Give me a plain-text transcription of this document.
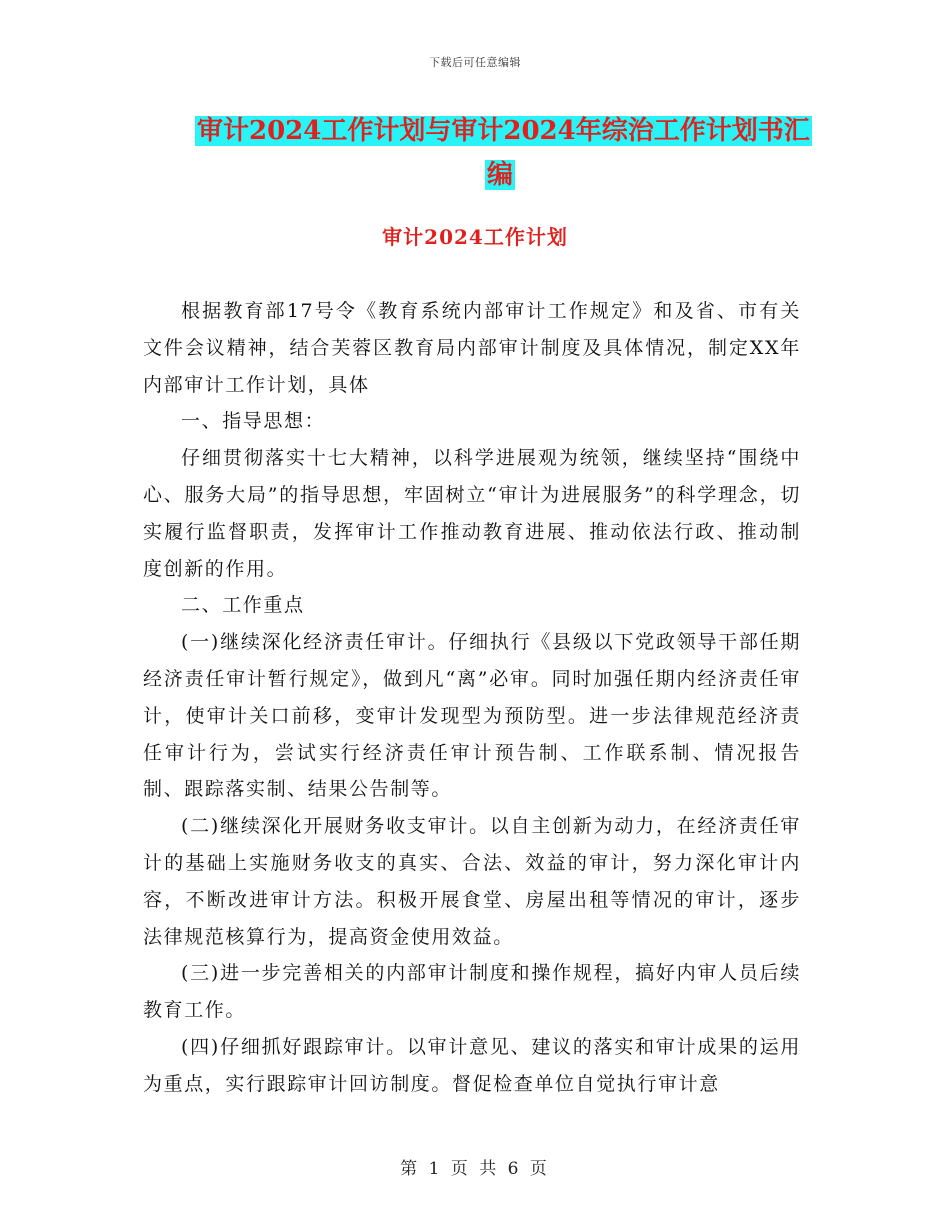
下载后可任意编辑
审计2024工作计划与审计2024年综治工作计划书汇
编
审计2024工作计划

根据教育部17号令《教育系统内部审计工作规定》和及省、市有关文件会议精神，结合芙蓉区教育局内部审计制度及具体情况，制定XX年内部审计工作计划，具体

一、指导思想：

仔细贯彻落实十七大精神，以科学进展观为统领，继续坚持“围绕中心、服务大局”的指导思想，牢固树立“审计为进展服务”的科学理念，切实履行监督职责，发挥审计工作推动教育进展、推动依法行政、推动制度创新的作用。

二、工作重点

(一)继续深化经济责任审计。仔细执行《县级以下党政领导干部任期经济责任审计暂行规定》，做到凡“离”必审。同时加强任期内经济责任审计，使审计关口前移，变审计发现型为预防型。进一步法律规范经济责任审计行为，尝试实行经济责任审计预告制、工作联系制、情况报告制、跟踪落实制、结果公告制等。

(二)继续深化开展财务收支审计。以自主创新为动力，在经济责任审计的基础上实施财务收支的真实、合法、效益的审计，努力深化审计内容，不断改进审计方法。积极开展食堂、房屋出租等情况的审计，逐步法律规范核算行为，提高资金使用效益。

(三)进一步完善相关的内部审计制度和操作规程，搞好内审人员后续教育工作。

(四)仔细抓好跟踪审计。以审计意见、建议的落实和审计成果的运用为重点，实行跟踪审计回访制度。督促检查单位自觉执行审计意

第 1 页 共 6 页
